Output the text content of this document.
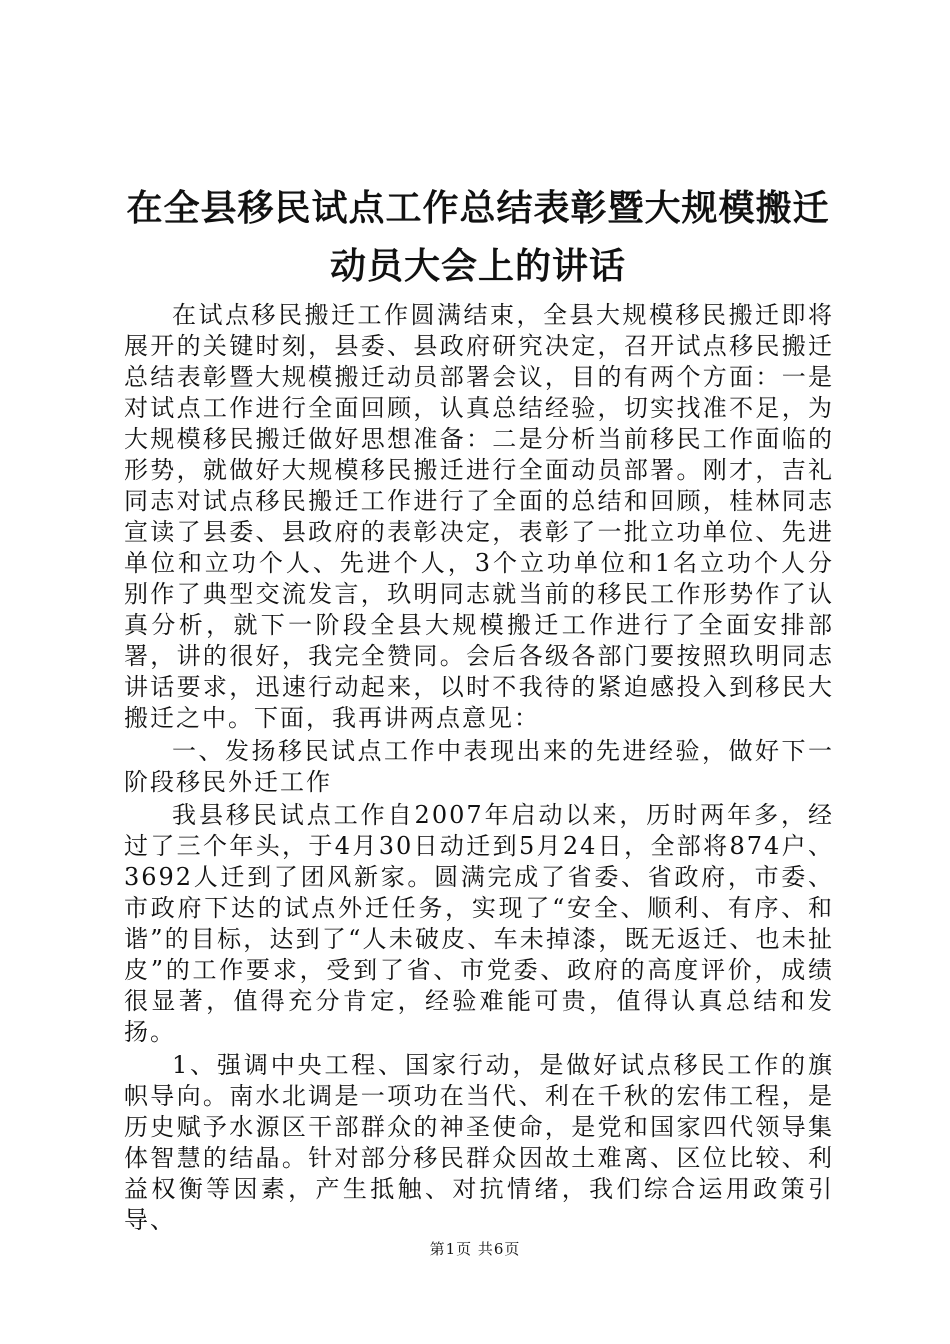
在全县移民试点工作总结表彰暨大规模搬迁动员大会上的讲话

在试点移民搬迁工作圆满结束，全县大规模移民搬迁即将展开的关键时刻，县委、县政府研究决定，召开试点移民搬迁总结表彰暨大规模搬迁动员部署会议，目的有两个方面：一是对试点工作进行全面回顾，认真总结经验，切实找准不足，为大规模移民搬迁做好思想准备：二是分析当前移民工作面临的形势，就做好大规模移民搬迁进行全面动员部署。刚才，吉礼同志对试点移民搬迁工作进行了全面的总结和回顾，桂林同志宣读了县委、县政府的表彰决定，表彰了一批立功单位、先进单位和立功个人、先进个人，3个立功单位和1名立功个人分别作了典型交流发言，玖明同志就当前的移民工作形势作了认真分析，就下一阶段全县大规模搬迁工作进行了全面安排部署，讲的很好，我完全赞同。会后各级各部门要按照玖明同志讲话要求，迅速行动起来，以时不我待的紧迫感投入到移民大搬迁之中。下面，我再讲两点意见：

一、发扬移民试点工作中表现出来的先进经验，做好下一阶段移民外迁工作

我县移民试点工作自2007年启动以来，历时两年多，经过了三个年头，于4月30日动迁到5月24日，全部将874户、3692人迁到了团风新家。圆满完成了省委、省政府，市委、市政府下达的试点外迁任务，实现了“安全、顺利、有序、和谐”的目标，达到了“人未破皮、车未掉漆，既无返迁、也未扯皮”的工作要求，受到了省、市党委、政府的高度评价，成绩很显著，值得充分肯定，经验难能可贵，值得认真总结和发扬。

1、强调中央工程、国家行动，是做好试点移民工作的旗帜导向。南水北调是一项功在当代、利在千秋的宏伟工程，是历史赋予水源区干部群众的神圣使命，是党和国家四代领导集体智慧的结晶。针对部分移民群众因故土难离、区位比较、利益权衡等因素，产生抵触、对抗情绪，我们综合运用政策引导、

第1页 共6页
